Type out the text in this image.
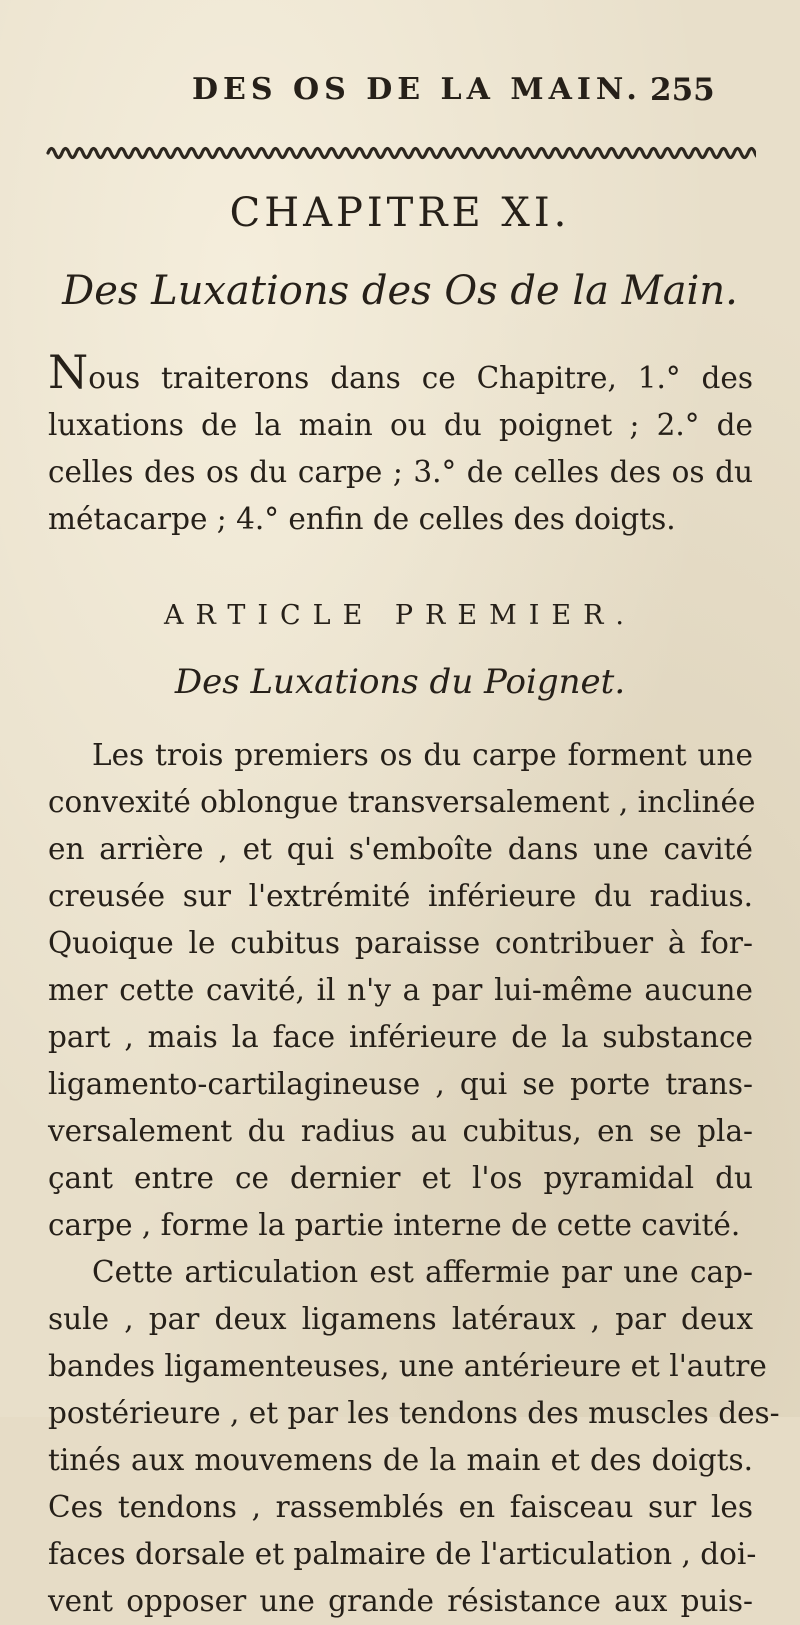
DES OS DE LA MAIN. 255
CHAPITRE XI.
Des Luxations des Os de la Main.
Nous traiterons dans ce Chapitre, 1.° des
luxations de la main ou du poignet ; 2.° de
celles des os du carpe ; 3.° de celles des os du
métacarpe ; 4.° enfin de celles des doigts.
ARTICLE PREMIER.
Des Luxations du Poignet.
Les trois premiers os du carpe forment une
convexité oblongue transversalement , inclinée
en arrière , et qui s'emboîte dans une cavité
creusée sur l'extrémité inférieure du radius.
Quoique le cubitus paraisse contribuer à for-
mer cette cavité, il n'y a par lui-même aucune
part , mais la face inférieure de la substance
ligamento-cartilagineuse , qui se porte trans-
versalement du radius au cubitus, en se pla-
çant entre ce dernier et l'os pyramidal du
carpe , forme la partie interne de cette cavité.
Cette articulation est affermie par une cap-
sule , par deux ligamens latéraux , par deux
bandes ligamenteuses, une antérieure et l'autre
postérieure , et par les tendons des muscles des-
tinés aux mouvemens de la main et des doigts.
Ces tendons , rassemblés en faisceau sur les
faces dorsale et palmaire de l'articulation , doi-
vent opposer une grande résistance aux puis-
